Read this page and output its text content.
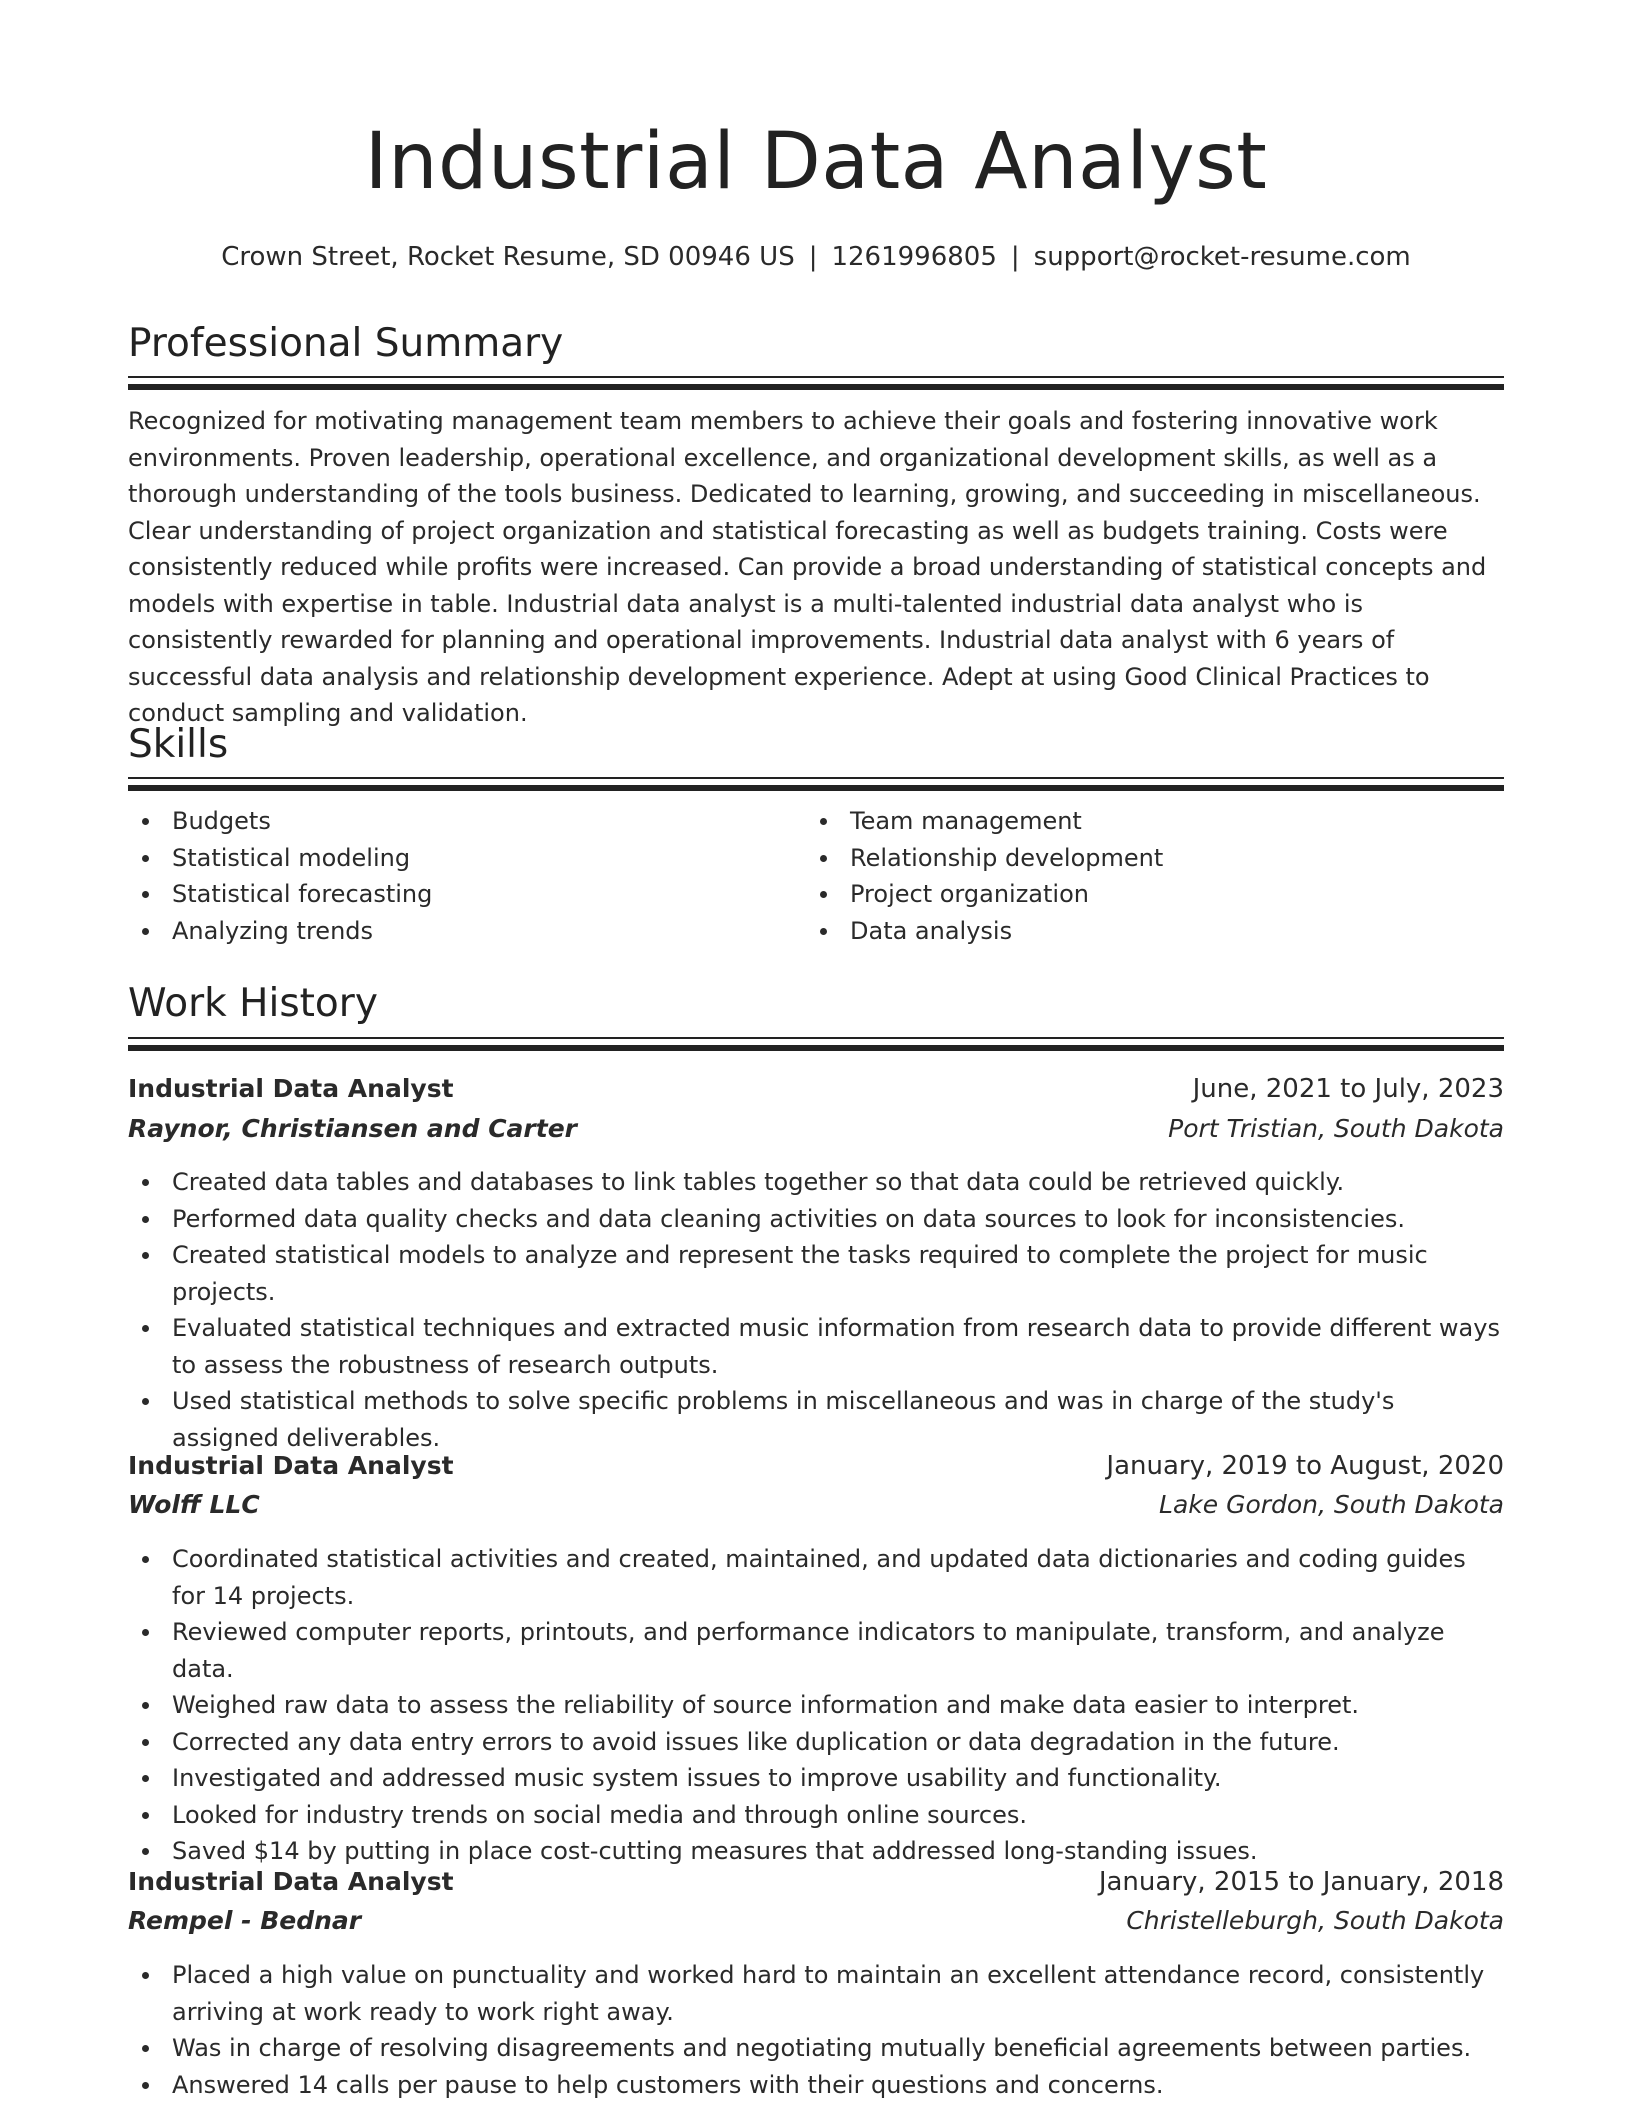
Industrial Data Analyst
Crown Street, Rocket Resume, SD 00946 US | 1261996805 | support@rocket-resume.com
Professional Summary

Recognized for motivating management team members to achieve their goals and fostering innovative work environments. Proven leadership, operational excellence, and organizational development skills, as well as a thorough understanding of the tools business. Dedicated to learning, growing, and succeeding in miscellaneous. Clear understanding of project organization and statistical forecasting as well as budgets training. Costs were consistently reduced while profits were increased. Can provide a broad understanding of statistical concepts and models with expertise in table. Industrial data analyst is a multi-talented industrial data analyst who is consistently rewarded for planning and operational improvements. Industrial data analyst with 6 years of successful data analysis and relationship development experience. Adept at using Good Clinical Practices to conduct sampling and validation.

Skills
Budgets
Statistical modeling
Statistical forecasting
Analyzing trends
Team management
Relationship development
Project organization
Data analysis
Work History
Industrial Data Analyst	June, 2021 to July, 2023
Raynor, Christiansen and Carter	Port Tristian, South Dakota
Created data tables and databases to link tables together so that data could be retrieved quickly.
Performed data quality checks and data cleaning activities on data sources to look for inconsistencies.
Created statistical models to analyze and represent the tasks required to complete the project for music projects.
Evaluated statistical techniques and extracted music information from research data to provide different ways to assess the robustness of research outputs.
Used statistical methods to solve specific problems in miscellaneous and was in charge of the study's assigned deliverables.
Industrial Data Analyst	January, 2019 to August, 2020
Wolff LLC	Lake Gordon, South Dakota
Coordinated statistical activities and created, maintained, and updated data dictionaries and coding guides for 14 projects.
Reviewed computer reports, printouts, and performance indicators to manipulate, transform, and analyze data.
Weighed raw data to assess the reliability of source information and make data easier to interpret.
Corrected any data entry errors to avoid issues like duplication or data degradation in the future.
Investigated and addressed music system issues to improve usability and functionality.
Looked for industry trends on social media and through online sources.
Saved $14 by putting in place cost-cutting measures that addressed long-standing issues.
Industrial Data Analyst	January, 2015 to January, 2018
Rempel - Bednar	Christelleburgh, South Dakota
Placed a high value on punctuality and worked hard to maintain an excellent attendance record, consistently arriving at work ready to work right away.
Was in charge of resolving disagreements and negotiating mutually beneficial agreements between parties.
Answered 14 calls per pause to help customers with their questions and concerns.
